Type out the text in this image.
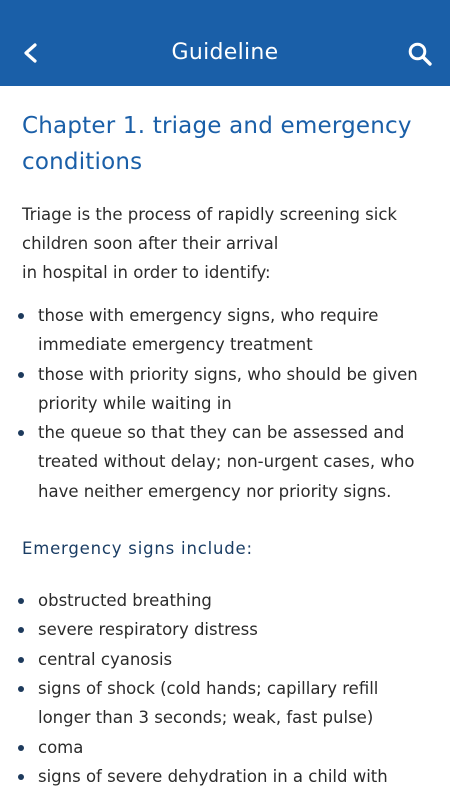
Guideline
Chapter 1. triage and emergency conditions
Triage is the process of rapidly screening sick
children soon after their arrival
in hospital in order to identify:
those with emergency signs, who require immediate emergency treatment
those with priority signs, who should be given priority while waiting in
the queue so that they can be assessed and treated without delay; non-urgent cases, who have neither emergency nor priority signs.
Emergency signs include:
obstructed breathing
severe respiratory distress
central cyanosis
signs of shock (cold hands; capillary refill longer than 3 seconds; weak, fast pulse)
coma
signs of severe dehydration in a child with
